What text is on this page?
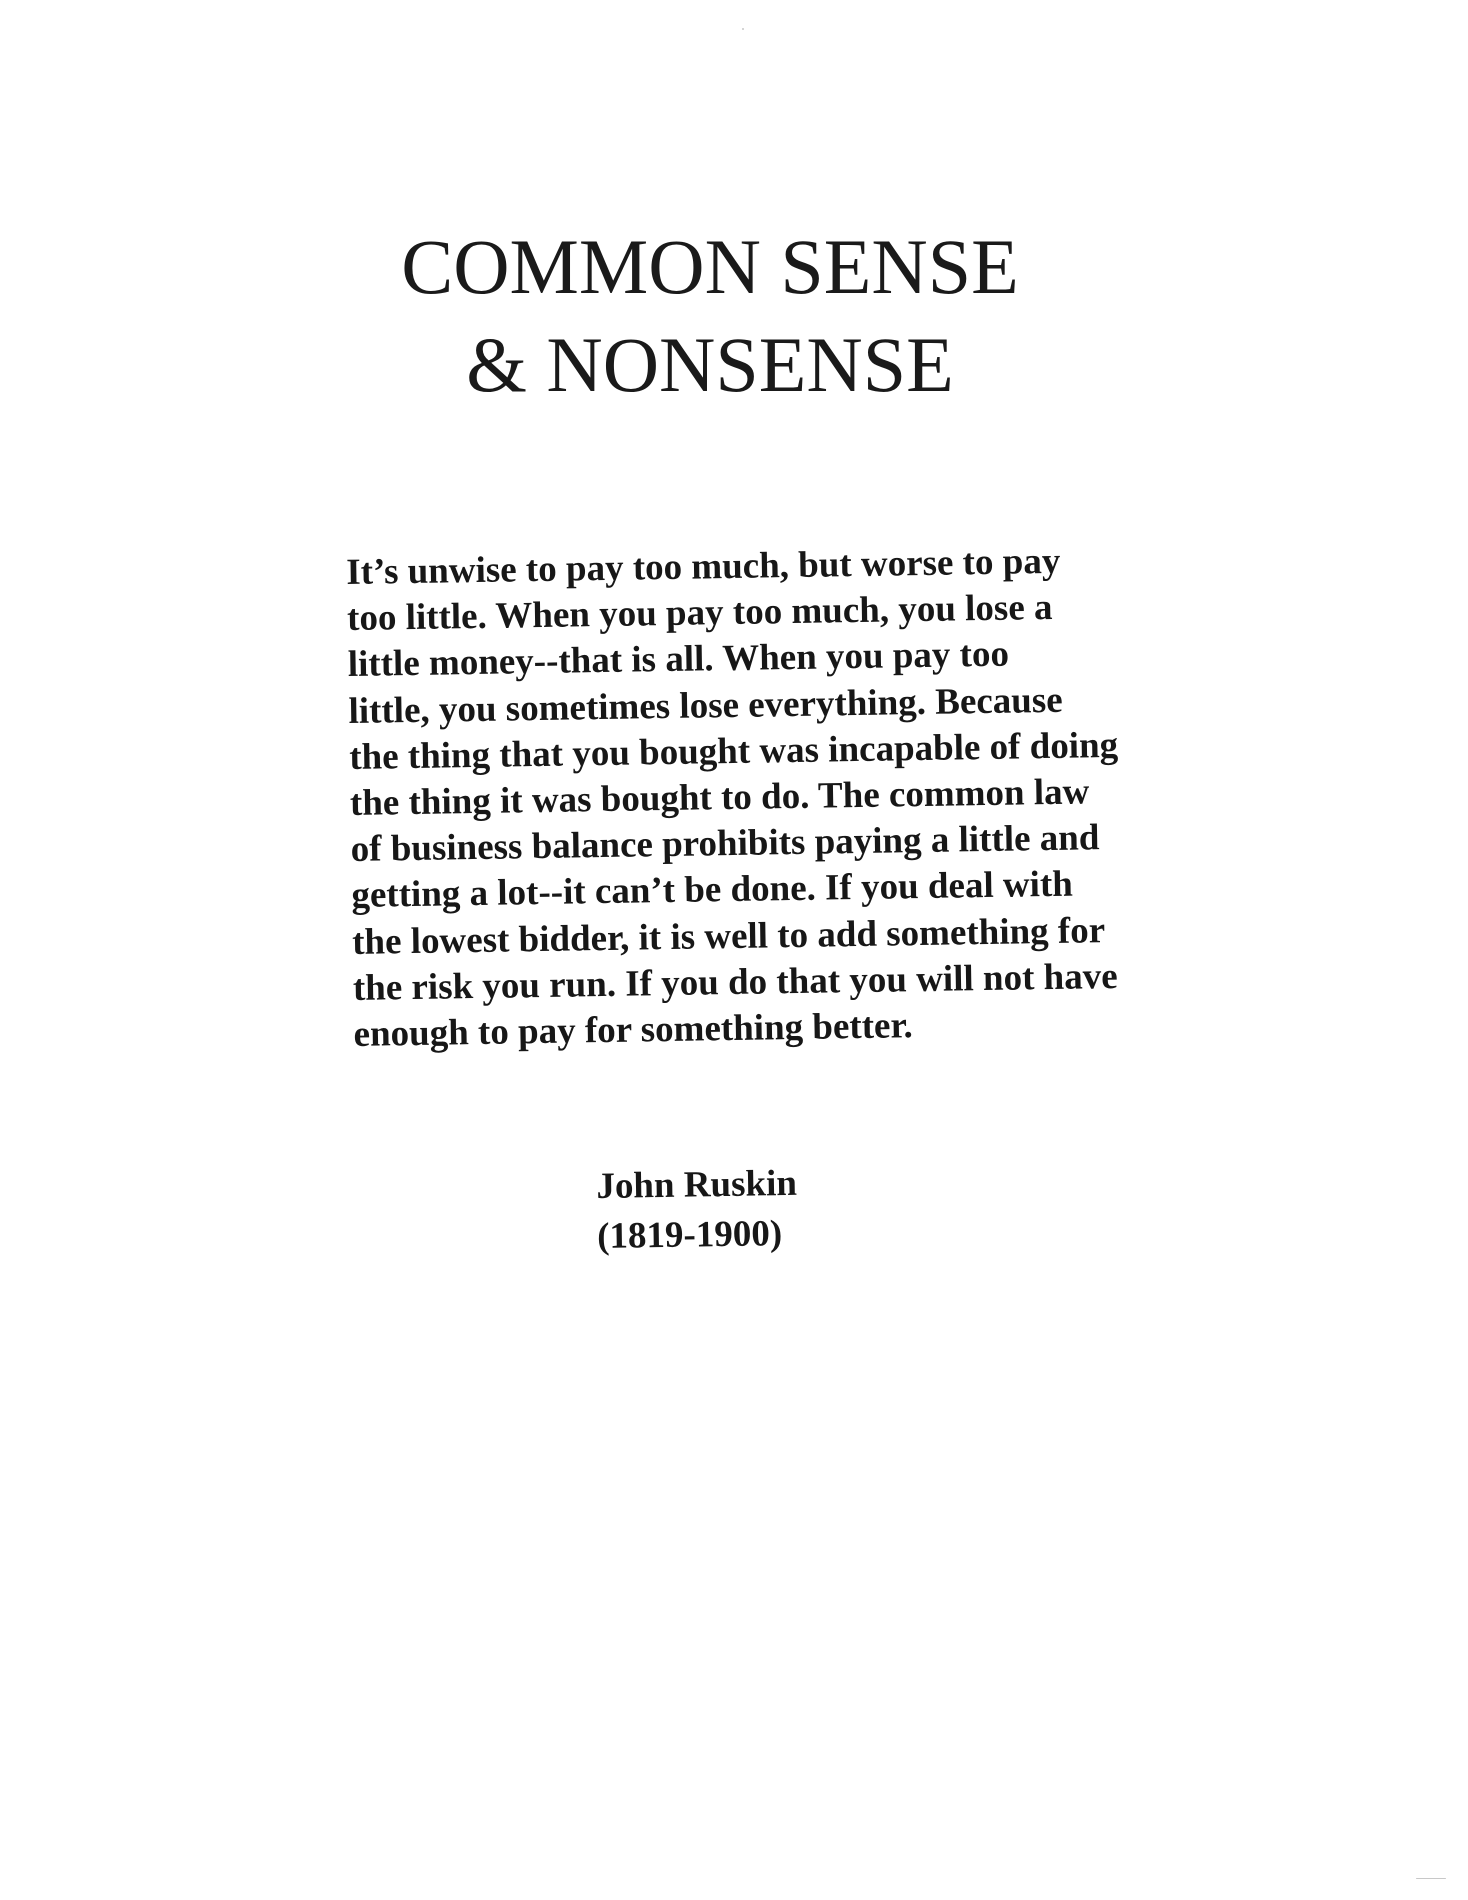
COMMON SENSE
& NONSENSE
It’s unwise to pay too much, but worse to pay
too little. When you pay too much, you lose a
little money--that is all. When you pay too
little, you sometimes lose everything. Because
the thing that you bought was incapable of doing
the thing it was bought to do. The common law
of business balance prohibits paying a little and
getting a lot--it can’t be done. If you deal with
the lowest bidder, it is well to add something for
the risk you run. If you do that you will not have
enough to pay for something better.
John Ruskin
(1819-1900)
